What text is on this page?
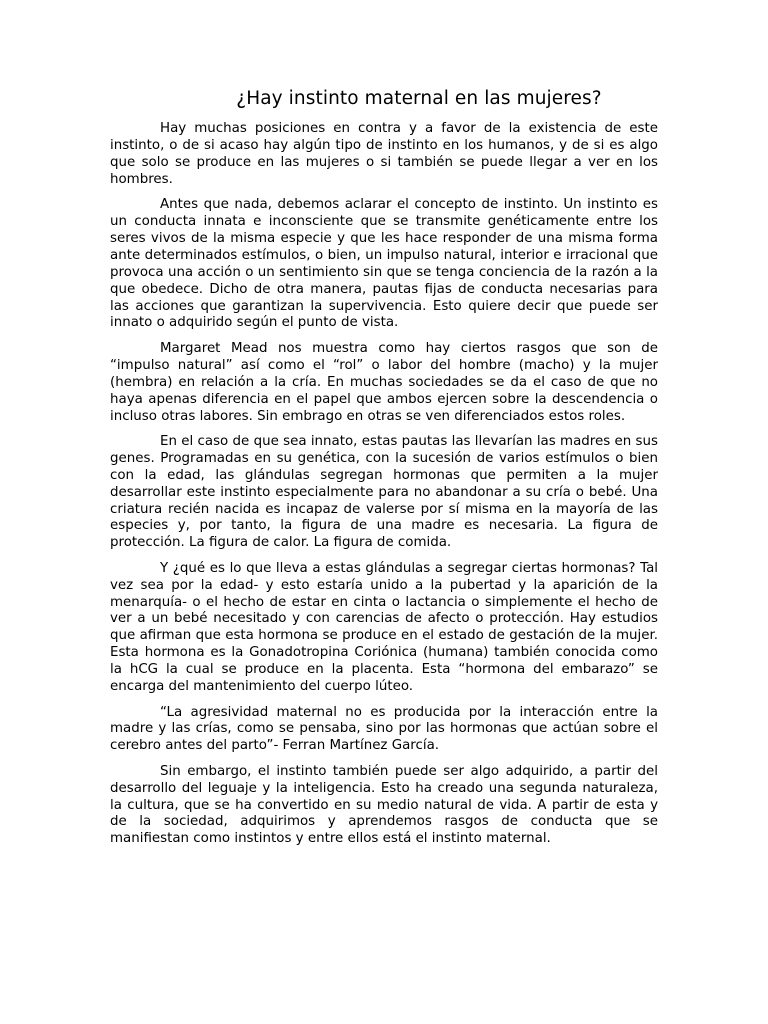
¿Hay instinto maternal en las mujeres?

Hay muchas posiciones en contra y a favor de la existencia de este instinto, o de si acaso hay algún tipo de instinto en los humanos, y de si es algo que solo se produce en las mujeres o si también se puede llegar a ver en los hombres.

Antes que nada, debemos aclarar el concepto de instinto. Un instinto es un conducta innata e inconsciente que se transmite genéticamente entre los seres vivos de la misma especie y que les hace responder de una misma forma ante determinados estímulos, o bien, un impulso natural, interior e irracional que provoca una acción o un sentimiento sin que se tenga conciencia de la razón a la que obedece. Dicho de otra manera, pautas fijas de conducta necesarias para las acciones que garantizan la supervivencia. Esto quiere decir que puede ser innato o adquirido según el punto de vista.

Margaret Mead nos muestra como hay ciertos rasgos que son de “impulso natural” así como el “rol” o labor del hombre (macho) y la mujer (hembra) en relación a la cría. En muchas sociedades se da el caso de que no haya apenas diferencia en el papel que ambos ejercen sobre la descendencia o incluso otras labores. Sin embrago en otras se ven diferenciados estos roles.

En el caso de que sea innato, estas pautas las llevarían las madres en sus genes. Programadas en su genética, con la sucesión de varios estímulos o bien con la edad, las glándulas segregan hormonas que permiten a la mujer desarrollar este instinto especialmente para no abandonar a su cría o bebé. Una criatura recién nacida es incapaz de valerse por sí misma en la mayoría de las especies y, por tanto, la figura de una madre es necesaria. La figura de protección. La figura de calor. La figura de comida.

Y ¿qué es lo que lleva a estas glándulas a segregar ciertas hormonas? Tal vez sea por la edad- y esto estaría unido a la pubertad y la aparición de la menarquía- o el hecho de estar en cinta o lactancia o simplemente el hecho de ver a un bebé necesitado y con carencias de afecto o protección. Hay estudios que afirman que esta hormona se produce en el estado de gestación de la mujer. Esta hormona es la Gonadotropina Coriónica (humana) también conocida como la hCG la cual se produce en la placenta. Esta “hormona del embarazo” se encarga del mantenimiento del cuerpo lúteo.

“La agresividad maternal no es producida por la interacción entre la madre y las crías, como se pensaba, sino por las hormonas que actúan sobre el cerebro antes del parto”- Ferran Martínez García.

Sin embargo, el instinto también puede ser algo adquirido, a partir del desarrollo del leguaje y la inteligencia. Esto ha creado una segunda naturaleza, la cultura, que se ha convertido en su medio natural de vida. A partir de esta y de la sociedad, adquirimos y aprendemos rasgos de conducta que se manifiestan como instintos y entre ellos está el instinto maternal.
